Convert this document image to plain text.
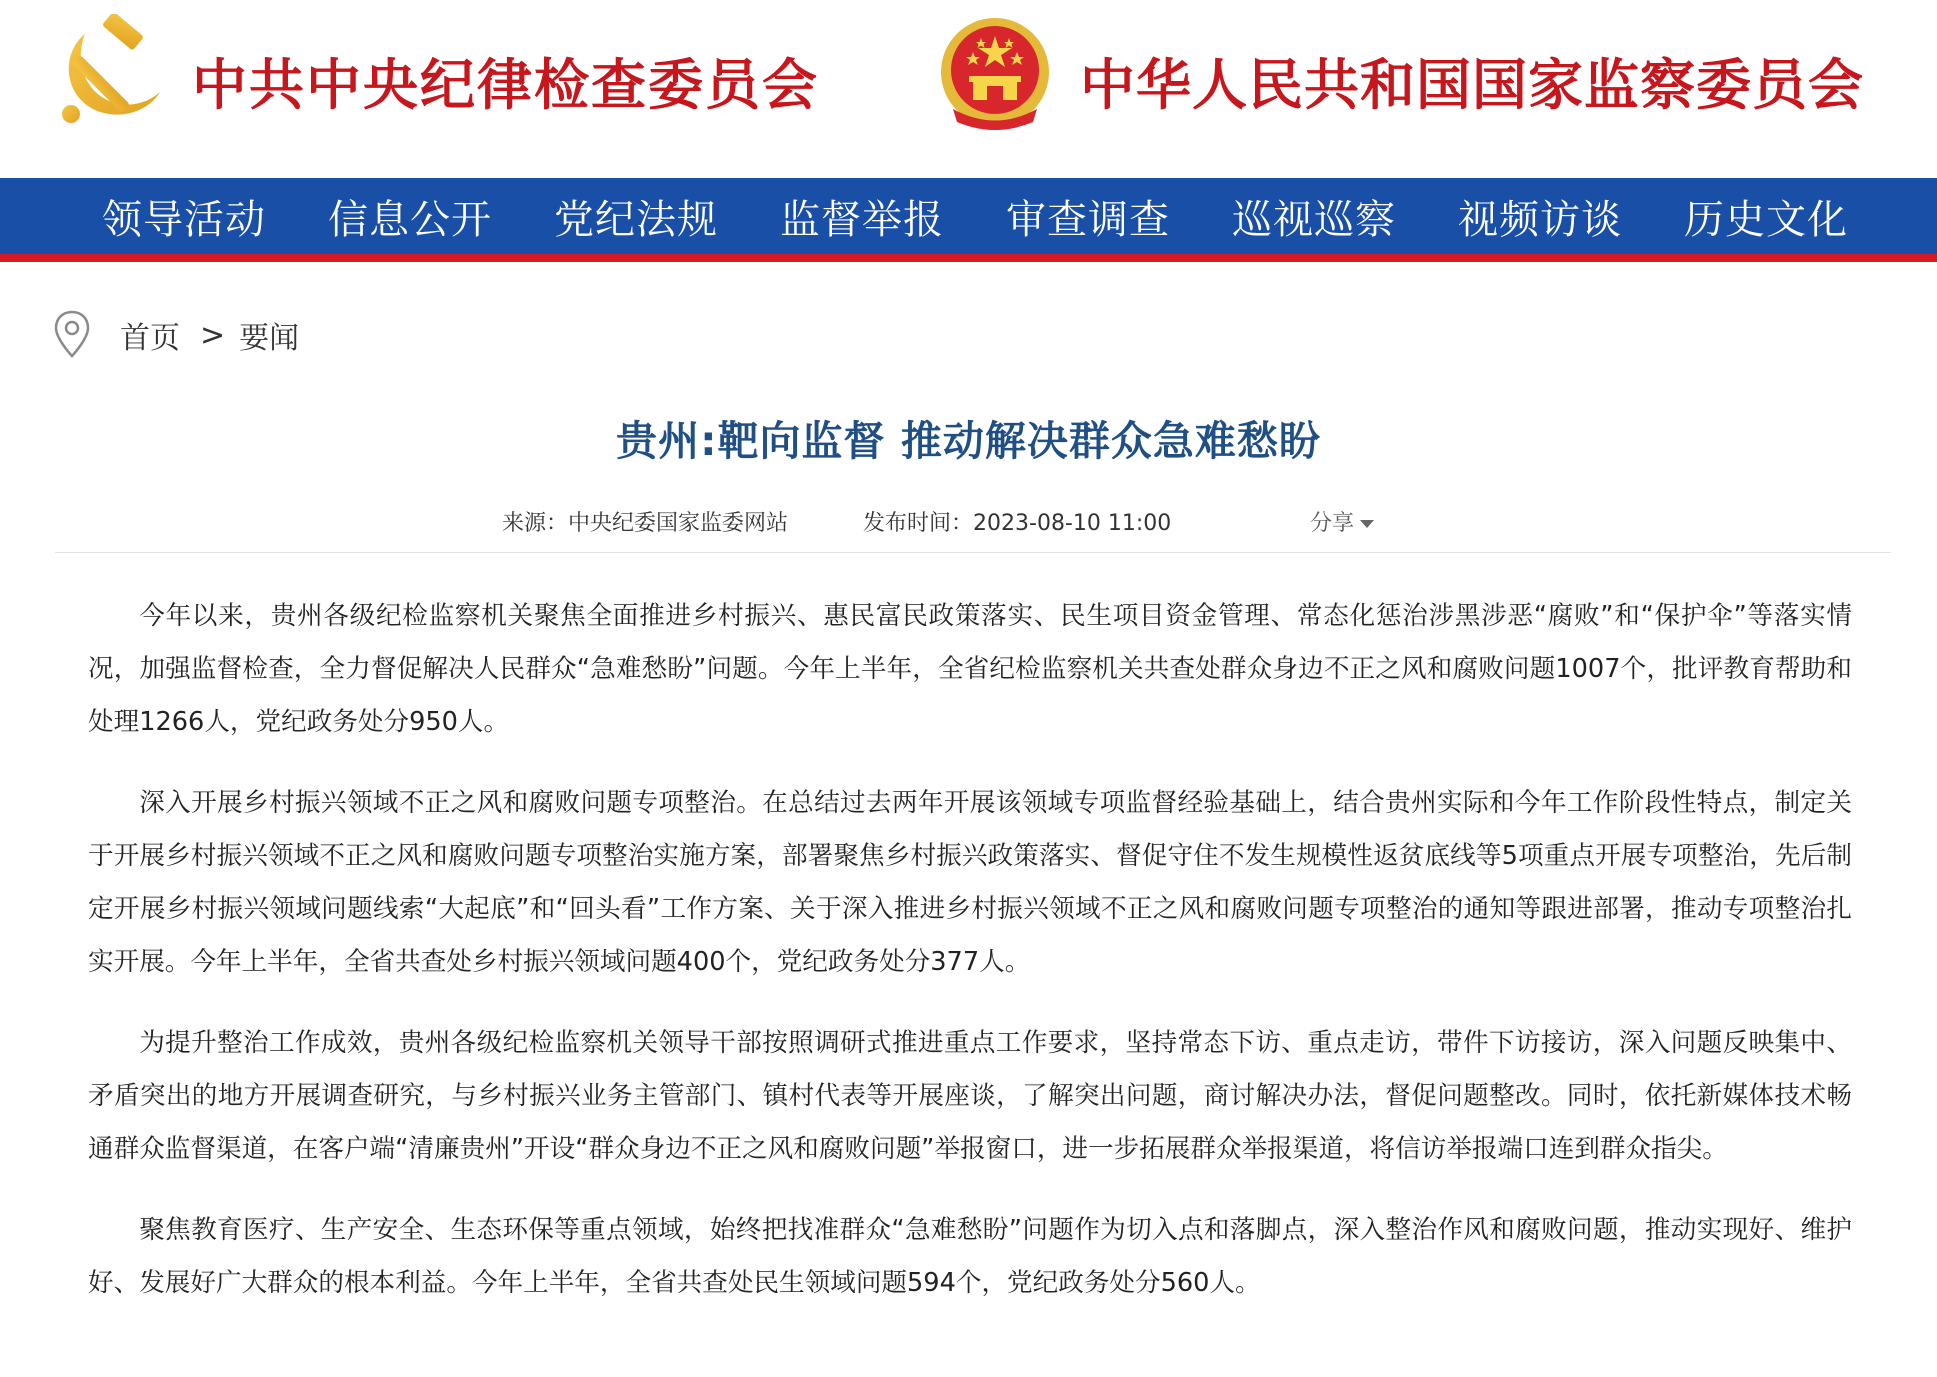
中共中央纪律检查委员会	中华人民共和国国家监察委员会
领导活动	信息公开	党纪法规	监督举报	审查调查	巡视巡察	视频访谈	历史文化
首页 > 要闻
贵州:靶向监督 推动解决群众急难愁盼
来源：中央纪委国家监委网站	发布时间：2023-08-10 11:00	分享

今年以来，贵州各级纪检监察机关聚焦全面推进乡村振兴、惠民富民政策落实、民生项目资金管理、常态化惩治涉黑涉恶“腐败”和“保护伞”等落实情况，加强监督检查，全力督促解决人民群众“急难愁盼”问题。今年上半年，全省纪检监察机关共查处群众身边不正之风和腐败问题1007个，批评教育帮助和处理1266人，党纪政务处分950人。

深入开展乡村振兴领域不正之风和腐败问题专项整治。在总结过去两年开展该领域专项监督经验基础上，结合贵州实际和今年工作阶段性特点，制定关于开展乡村振兴领域不正之风和腐败问题专项整治实施方案，部署聚焦乡村振兴政策落实、督促守住不发生规模性返贫底线等5项重点开展专项整治，先后制定开展乡村振兴领域问题线索“大起底”和“回头看”工作方案、关于深入推进乡村振兴领域不正之风和腐败问题专项整治的通知等跟进部署，推动专项整治扎实开展。今年上半年，全省共查处乡村振兴领域问题400个，党纪政务处分377人。

为提升整治工作成效，贵州各级纪检监察机关领导干部按照调研式推进重点工作要求，坚持常态下访、重点走访，带件下访接访，深入问题反映集中、矛盾突出的地方开展调查研究，与乡村振兴业务主管部门、镇村代表等开展座谈，了解突出问题，商讨解决办法，督促问题整改。同时，依托新媒体技术畅通群众监督渠道，在客户端“清廉贵州”开设“群众身边不正之风和腐败问题”举报窗口，进一步拓展群众举报渠道，将信访举报端口连到群众指尖。

聚焦教育医疗、生产安全、生态环保等重点领域，始终把找准群众“急难愁盼”问题作为切入点和落脚点，深入整治作风和腐败问题，推动实现好、维护好、发展好广大群众的根本利益。今年上半年，全省共查处民生领域问题594个，党纪政务处分560人。
